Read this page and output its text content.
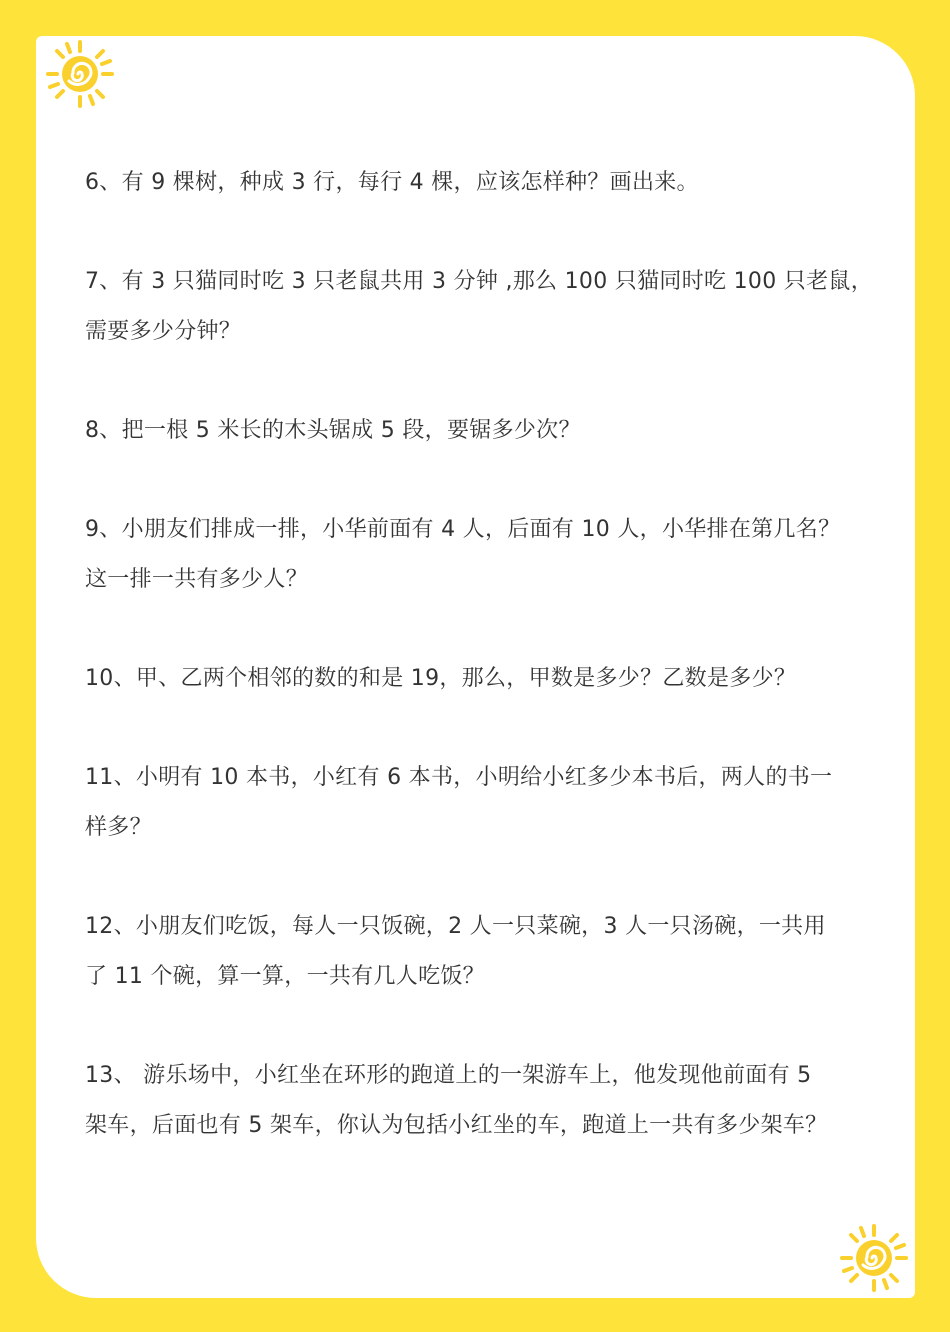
6、有 9 棵树，种成 3 行，每行 4 棵，应该怎样种？画出来。
7、有 3 只猫同时吃 3 只老鼠共用 3 分钟 ,那么 100 只猫同时吃 100 只老鼠，
需要多少分钟？
8、把一根 5 米长的木头锯成 5 段，要锯多少次？
9、小朋友们排成一排，小华前面有 4 人，后面有 10 人，小华排在第几名？
这一排一共有多少人？
10、甲、乙两个相邻的数的和是 19，那么，甲数是多少？乙数是多少？
11、小明有 10 本书，小红有 6 本书，小明给小红多少本书后，两人的书一
样多？
12、小朋友们吃饭，每人一只饭碗，2 人一只菜碗，3 人一只汤碗，一共用
了 11 个碗，算一算，一共有几人吃饭？
13、 游乐场中，小红坐在环形的跑道上的一架游车上，他发现他前面有 5
架车，后面也有 5 架车，你认为包括小红坐的车，跑道上一共有多少架车？
